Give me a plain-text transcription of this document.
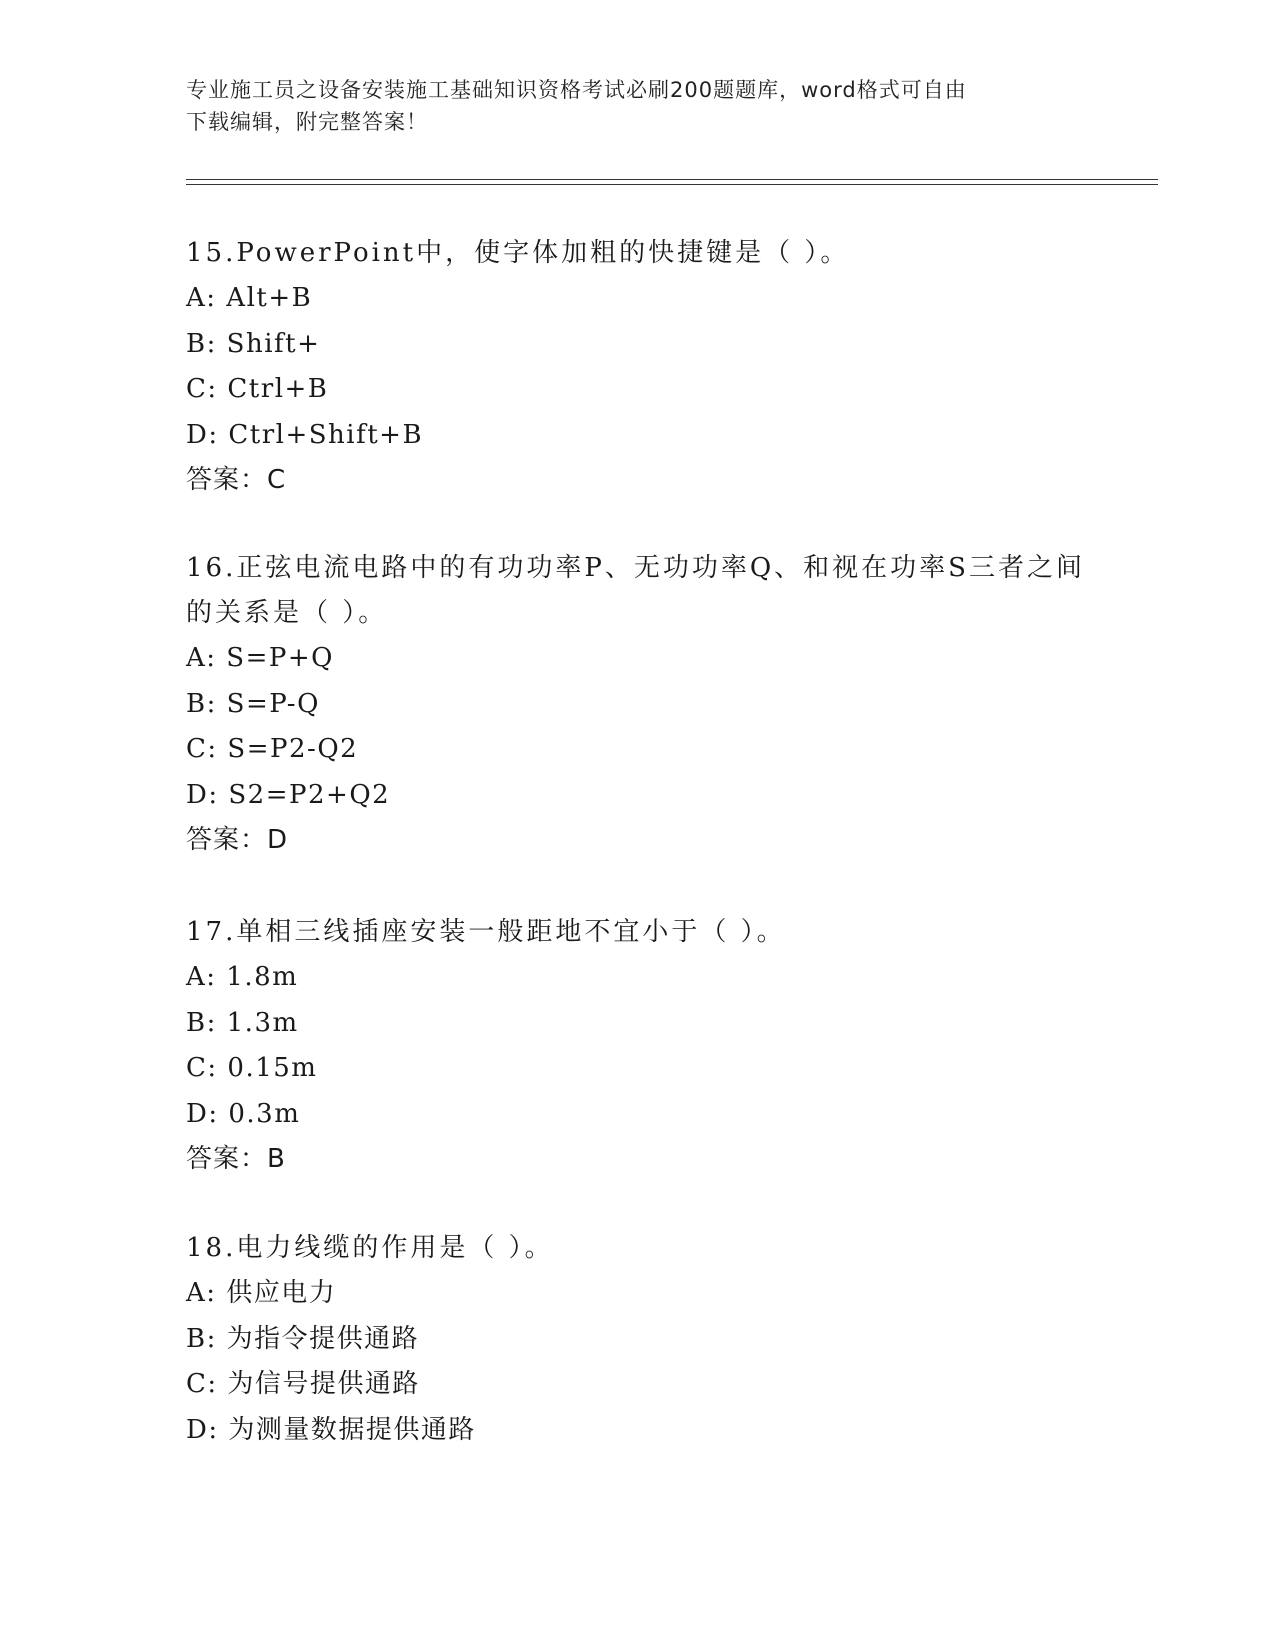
专业施工员之设备安装施工基础知识资格考试必刷200题题库，word格式可自由
下载编辑，附完整答案！
15.PowerPoint中，使字体加粗的快捷键是（ ）。
A: Alt+B
B: Shift+
C: Ctrl+B
D: Ctrl+Shift+B
答案：C
16.正弦电流电路中的有功功率P、无功功率Q、和视在功率S三者之间的关系是（ ）。
A: S=P+Q
B: S=P-Q
C: S=P2-Q2
D: S2=P2+Q2
答案：D
17.单相三线插座安装一般距地不宜小于（ ）。
A: 1.8m
B: 1.3m
C: 0.15m
D: 0.3m
答案：B
18.电力线缆的作用是（ ）。
A: 供应电力
B: 为指令提供通路
C: 为信号提供通路
D: 为测量数据提供通路
